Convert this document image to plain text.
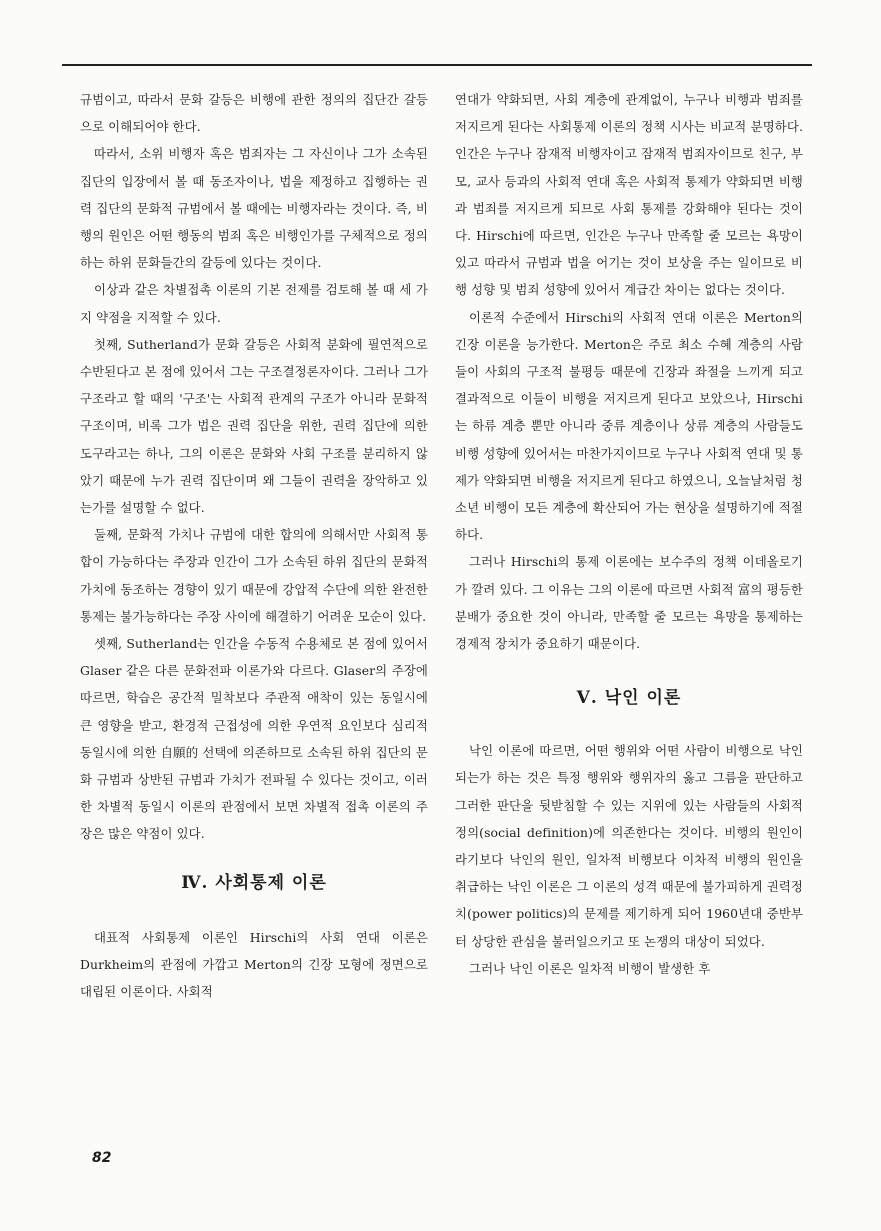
규범이고, 따라서 문화 갈등은 비행에 관한 정의의 집단간 갈등으로 이해되어야 한다.

따라서, 소위 비행자 혹은 범죄자는 그 자신이나 그가 소속된 집단의 입장에서 볼 때 동조자이나, 법을 제정하고 집행하는 권력 집단의 문화적 규범에서 볼 때에는 비행자라는 것이다. 즉, 비행의 원인은 어떤 행동의 범죄 혹은 비행인가를 구체적으로 정의하는 하위 문화들간의 갈등에 있다는 것이다.

이상과 같은 차별접촉 이론의 기본 전제를 검토해 볼 때 세 가지 약점을 지적할 수 있다.

첫째, Sutherland가 문화 갈등은 사회적 분화에 필연적으로 수반된다고 본 점에 있어서 그는 구조결정론자이다. 그러나 그가 구조라고 할 때의 '구조'는 사회적 관계의 구조가 아니라 문화적 구조이며, 비록 그가 법은 권력 집단을 위한, 권력 집단에 의한 도구라고는 하나, 그의 이론은 문화와 사회 구조를 분리하지 않았기 때문에 누가 권력 집단이며 왜 그들이 권력을 장악하고 있는가를 설명할 수 없다.

둘째, 문화적 가치나 규범에 대한 합의에 의해서만 사회적 통합이 가능하다는 주장과 인간이 그가 소속된 하위 집단의 문화적 가치에 동조하는 경향이 있기 때문에 강압적 수단에 의한 완전한 통제는 불가능하다는 주장 사이에 해결하기 어려운 모순이 있다.

셋째, Sutherland는 인간을 수동적 수용체로 본 점에 있어서 Glaser 같은 다른 문화전파 이론가와 다르다. Glaser의 주장에 따르면, 학습은 공간적 밀착보다 주관적 애착이 있는 동일시에 큰 영향을 받고, 환경적 근접성에 의한 우연적 요인보다 심리적 동일시에 의한 自願的 선택에 의존하므로 소속된 하위 집단의 문화 규범과 상반된 규범과 가치가 전파될 수 있다는 것이고, 이러한 차별적 동일시 이론의 관점에서 보면 차별적 접촉 이론의 주장은 많은 약점이 있다.

Ⅳ. 사회통제 이론

대표적 사회통제 이론인 Hirschi의 사회 연대 이론은 Durkheim의 관점에 가깝고 Merton의 긴장 모형에 정면으로 대립된 이론이다. 사회적

연대가 약화되면, 사회 계층에 관계없이, 누구나 비행과 범죄를 저지르게 된다는 사회통제 이론의 정책 시사는 비교적 분명하다. 인간은 누구나 잠재적 비행자이고 잠재적 범죄자이므로 친구, 부모, 교사 등과의 사회적 연대 혹은 사회적 통제가 약화되면 비행과 범죄를 저지르게 되므로 사회 통제를 강화해야 된다는 것이다. Hirschi에 따르면, 인간은 누구나 만족할 줄 모르는 욕망이 있고 따라서 규범과 법을 어기는 것이 보상을 주는 일이므로 비행 성향 및 범죄 성향에 있어서 계급간 차이는 없다는 것이다.

이론적 수준에서 Hirschi의 사회적 연대 이론은 Merton의 긴장 이론을 능가한다. Merton은 주로 최소 수혜 계층의 사람들이 사회의 구조적 불평등 때문에 긴장과 좌절을 느끼게 되고 결과적으로 이들이 비행을 저지르게 된다고 보았으나, Hirschi는 하류 계층 뿐만 아니라 중류 계층이나 상류 계층의 사람들도 비행 성향에 있어서는 마찬가지이므로 누구나 사회적 연대 및 통제가 약화되면 비행을 저지르게 된다고 하였으니, 오늘날처럼 청소년 비행이 모든 계층에 확산되어 가는 현상을 설명하기에 적절하다.

그러나 Hirschi의 통제 이론에는 보수주의 정책 이데올로기가 깔려 있다. 그 이유는 그의 이론에 따르면 사회적 富의 평등한 분배가 중요한 것이 아니라, 만족할 줄 모르는 욕망을 통제하는 경제적 장치가 중요하기 때문이다.

Ⅴ. 낙인 이론

낙인 이론에 따르면, 어떤 행위와 어떤 사람이 비행으로 낙인되는가 하는 것은 특정 행위와 행위자의 옳고 그름을 판단하고 그러한 판단을 뒷받침할 수 있는 지위에 있는 사람들의 사회적 정의(social definition)에 의존한다는 것이다. 비행의 원인이라기보다 낙인의 원인, 일차적 비행보다 이차적 비행의 원인을 취급하는 낙인 이론은 그 이론의 성격 때문에 불가피하게 권력정치(power politics)의 문제를 제기하게 되어 1960년대 중반부터 상당한 관심을 불러일으키고 또 논쟁의 대상이 되었다.

그러나 낙인 이론은 일차적 비행이 발생한 후

82
